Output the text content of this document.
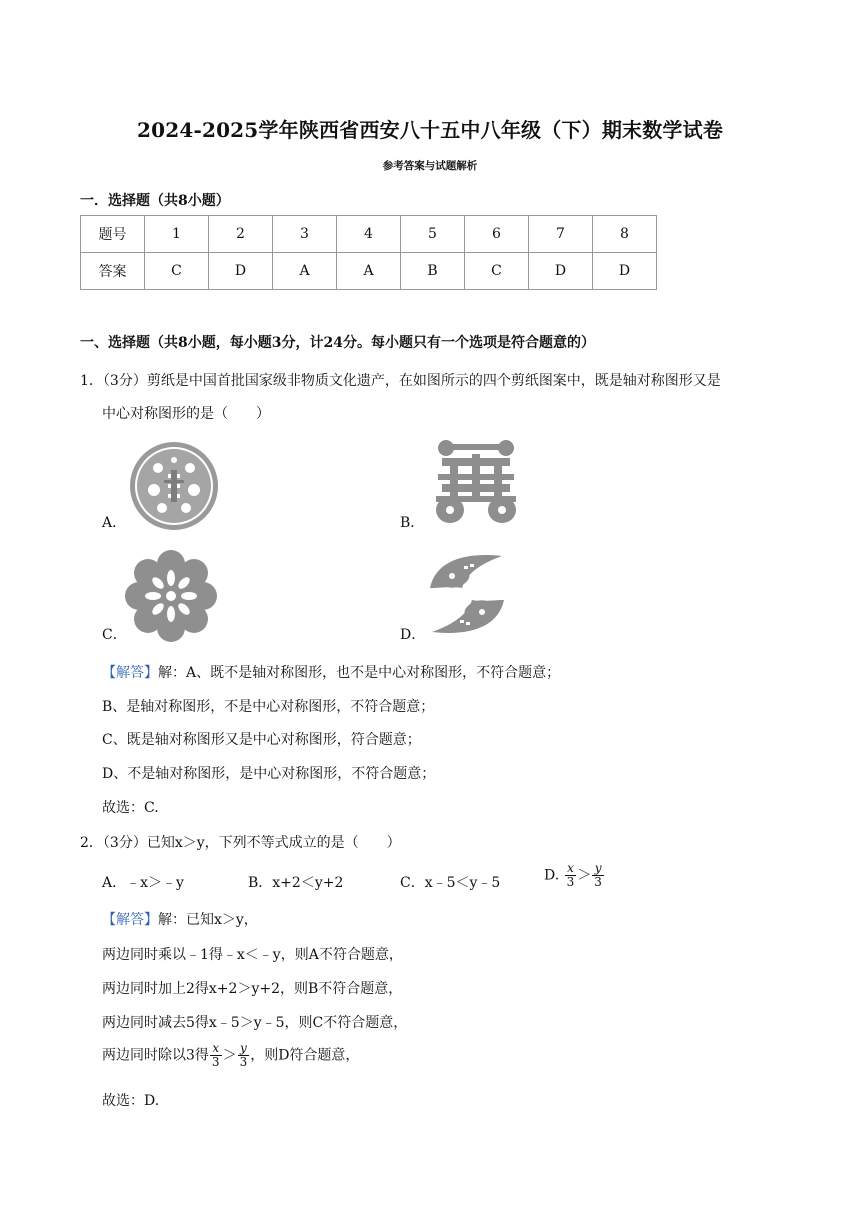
2024-2025学年陕西省西安八十五中八年级（下）期末数学试卷
参考答案与试题解析
一．选择题（共8小题）
题号	1	2	3	4	5	6	7	8
答案	C	D	A	A	B	C	D	D
一、选择题（共8小题，每小题3分，计24分。每小题只有一个选项是符合题意的）
1．（3分）剪纸是中国首批国家级非物质文化遗产，在如图所示的四个剪纸图案中，既是轴对称图形又是
中心对称图形的是（　　）
A．	B．
C．	D．
【解答】解：A、既不是轴对称图形，也不是中心对称图形，不符合题意；
B、是轴对称图形，不是中心对称图形，不符合题意；
C、既是轴对称图形又是中心对称图形，符合题意；
D、不是轴对称图形，是中心对称图形，不符合题意；
故选：C.
2．（3分）已知x＞y，下列不等式成立的是（　　）
A．﹣x＞﹣y	B．x+2＜y+2	C．x﹣5＜y﹣5	D. $\frac{x}{3} > \frac{y}{3}$
【解答】解：已知x＞y，
两边同时乘以﹣1得﹣x＜﹣y，则A不符合题意，
两边同时加上2得x+2＞y+2，则B不符合题意，
两边同时减去5得x﹣5＞y﹣5，则C不符合题意，
两边同时除以3得 $\frac{x}{3} > \frac{y}{3}$ ，则D符合题意，
故选：D.
